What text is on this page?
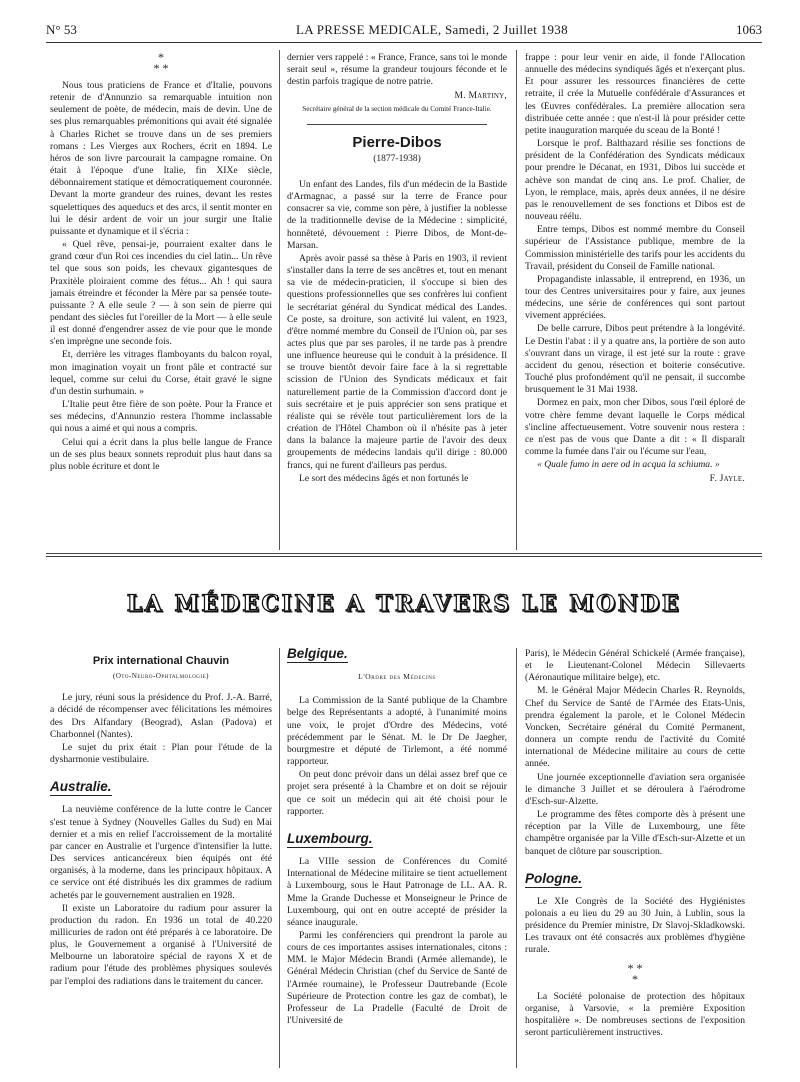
N° 53	LA PRESSE MEDICALE, Samedi, 2 Juillet 1938	1063
*
* *

Nous tous praticiens de France et d'Italie, pouvons retenir de d'Annunzio sa remarquable intuition non seulement de poète, de médecin, mais de devin. Une de ses plus remarquables prémonitions qui avait été signalée à Charles Richet se trouve dans un de ses premiers romans : Les Vierges aux Rochers, écrit en 1894. Le héros de son livre parcourait la campagne romaine. On était à l'époque d'une Italie, fin XIXe siècle, débonnairement statique et démocratiquement couronnée. Devant la morte grandeur des ruines, devant les restes squelettiques des aqueducs et des arcs, il sentit monter en lui le désir ardent de voir un jour surgir une Italie puissante et dynamique et il s'écria :

« Quel rêve, pensai-je, pourraient exalter dans le grand cœur d'un Roi ces incendies du ciel latin... Un rêve tel que sous son poids, les chevaux gigantesques de Praxitèle ploiraient comme des fétus... Ah ! qui saura jamais étreindre et féconder la Mère par sa pensée toute-puissante ? A elle seule ? — à son sein de pierre qui pendant des siècles fut l'oreiller de la Mort — à elle seule il est donné d'engendrer assez de vie pour que le monde s'en imprègne une seconde fois.

Et, derrière les vitrages flamboyants du balcon royal, mon imagination voyait un front pâle et contracté sur lequel, comme sur celui du Corse, était gravé le signe d'un destin surhumain. »

L'Italie peut être fière de son poète. Pour la France et ses médecins, d'Annunzio restera l'homme inclassable qui nous a aimé et qui nous a compris.

Celui qui a écrit dans la plus belle langue de France un de ses plus beaux sonnets reproduit plus haut dans sa plus noble écriture et dont le

dernier vers rappelé : « France, France, sans toi le monde serait seul », résume la grandeur toujours féconde et le destin parfois tragique de notre patrie.

M. Martiny,
Secrétaire général de la section médicale du Comité France-Italie.
Pierre-Dibos
(1877-1938)

Un enfant des Landes, fils d'un médecin de la Bastide d'Armagnac, a passé sur la terre de France pour consacrer sa vie, comme son père, à justifier la noblesse de la traditionnelle devise de la Médecine : simplicité, honnêteté, dévouement : Pierre Dibos, de Mont-de-Marsan.

Après avoir passé sa thèse à Paris en 1903, il revient s'installer dans la terre de ses ancêtres et, tout en menant sa vie de médecin-praticien, il s'occupe si bien des questions professionnelles que ses confrères lui confient le secrétariat général du Syndicat médical des Landes. Ce poste, sa droiture, son activité lui valent, en 1923, d'être nommé membre du Conseil de l'Union où, par ses actes plus que par ses paroles, il ne tarde pas à prendre une influence heureuse qui le conduit à la présidence. Il se trouve bientôt devoir faire face à la si regrettable scission de l'Union des Syndicats médicaux et fait naturellement partie de la Commission d'accord dont je suis secrétaire et je puis apprécier son sens pratique et réaliste qui se révèle tout particulièrement lors de la création de l'Hôtel Chambon où il n'hésite pas à jeter dans la balance la majeure partie de l'avoir des deux groupements de médecins landais qu'il dirige : 80.000 francs, qui ne furent d'ailleurs pas perdus.

Le sort des médecins âgés et non fortunés le

frappe : pour leur venir en aide, il fonde l'Allocation annuelle des médecins syndiqués âgés et n'exerçant plus. Et pour assurer les ressources financières de cette retraite, il crée la Mutuelle confédérale d'Assurances et les Œuvres confédérales. La première allocation sera distribuée cette année : que n'est-il là pour présider cette petite inauguration marquée du sceau de la Bonté !

Lorsque le prof. Balthazard résilie ses fonctions de président de la Confédération des Syndicats médicaux pour prendre le Décanat, en 1931, Dibos lui succède et achève son mandat de cinq ans. Le prof. Chalier, de Lyon, le remplace, mais, après deux années, il ne désire pas le renouvellement de ses fonctions et Dibos est de nouveau réélu.

Entre temps, Dibos est nommé membre du Conseil supérieur de l'Assistance publique, membre de la Commission ministérielle des tarifs pour les accidents du Travail, président du Conseil de Famille national.

Propagandiste inlassable, il entreprend, en 1936, un tour des Centres universitaires pour y faire, aux jeunes médecins, une série de conférences qui sont partout vivement appréciées.

De belle carrure, Dibos peut prétendre à la longévité. Le Destin l'abat : il y a quatre ans, la portière de son auto s'ouvrant dans un virage, il est jeté sur la route : grave accident du genou, résection et boiterie consécutive. Touché plus profondément qu'il ne pensait, il succombe brusquement le 31 Mai 1938.

Dormez en paix, mon cher Dibos, sous l'œil éploré de votre chère femme devant laquelle le Corps médical s'incline affectueusement. Votre souvenir nous restera : ce n'est pas de vous que Dante a dit : « Il disparaît comme la fumée dans l'air ou l'écume sur l'eau,

« Quale fumo in aere od in acqua la schiuma. »

F. Jayle.
LA MÉDECINE A TRAVERS LE MONDE
Prix international Chauvin
(Oto-Neuro-Ophtalmologie)

Le jury, réuni sous la présidence du Prof. J.-A. Barré, a décidé de récompenser avec félicitations les mémoires des Drs Alfandary (Beograd), Aslan (Padova) et Charbonnel (Nantes).

Le sujet du prix était : Plan pour l'étude de la dysharmonie vestibulaire.

Australie.

La neuvième conférence de la lutte contre le Cancer s'est tenue à Sydney (Nouvelles Galles du Sud) en Mai dernier et a mis en relief l'accroissement de la mortalité par cancer en Australie et l'urgence d'intensifier la lutte. Des services anticancéreux bien équipés ont été organisés, à la moderne, dans les principaux hôpitaux. A ce service ont été distribués les dix grammes de radium achetés par le gouvernement australien en 1928.

Il existe un Laboratoire du radium pour assurer la production du radon. En 1936 un total de 40.220 millicuries de radon ont été préparés à ce laboratoire. De plus, le Gouvernement a organisé à l'Université de Melbourne un laboratoire spécial de rayons X et de radium pour l'étude des problèmes physiques soulevés par l'emploi des radiations dans le traitement du cancer.

Belgique.
L'Ordre des Médecins

La Commission de la Santé publique de la Chambre belge des Représentants a adopté, à l'unanimité moins une voix, le projet d'Ordre des Médecins, voté précédemment par le Sénat. M. le Dr De Jaegher, bourgmestre et député de Tirlemont, a été nommé rapporteur.

On peut donc prévoir dans un délai assez bref que ce projet sera présenté à la Chambre et on doit se réjouir que ce soit un médecin qui ait été choisi pour le rapporter.

Luxembourg.

La VIIIe session de Conférences du Comité International de Médecine militaire se tient actuellement à Luxembourg, sous le Haut Patronage de LL. AA. R. Mme la Grande Duchesse et Monseigneur le Prince de Luxembourg, qui ont en outre accepté de présider la séance inaugurale.

Parmi les conférenciers qui prendront la parole au cours de ces importantes assises internationales, citons : MM. le Major Médecin Brandi (Armée allemande), le Général Médecin Christian (chef du Service de Santé de l'Armée roumaine), le Professeur Dautrebande (Ecole Supérieure de Protection contre les gaz de combat), le Professeur de La Pradelle (Faculté de Droit de l'Université de

Paris), le Médecin Général Schickelé (Armée française), et le Lieutenant-Colonel Médecin Sillevaerts (Aéronautique militaire belge), etc.

M. le Général Major Médecin Charles R. Reynolds, Chef du Service de Santé de l'Armée des Etats-Unis, prendra également la parole, et le Colonel Médecin Voncken, Secrétaire général du Comité Permanent, donnera un compte rendu de l'activité du Comité international de Médecine militaire au cours de cette année.

Une journée exceptionnelle d'aviation sera organisée le dimanche 3 Juillet et se déroulera à l'aérodrome d'Esch-sur-Alzette.

Le programme des fêtes comporte dès à présent une réception par la Ville de Luxembourg, une fête champêtre organisée par la Ville d'Esch-sur-Alzette et un banquet de clôture par souscription.

Pologne.

Le XIe Congrès de la Société des Hygiénistes polonais a eu lieu du 29 au 30 Juin, à Lublin, sous la présidence du Premier ministre, Dr Slavoj-Skladkowski. Les travaux ont été consacrés aux problèmes d'hygiène rurale.

* *
*

La Société polonaise de protection des hôpitaux organise, à Varsovie, « la première Exposition hospitalière ». De nombreuses sections de l'exposition seront particulièrement instructives.
